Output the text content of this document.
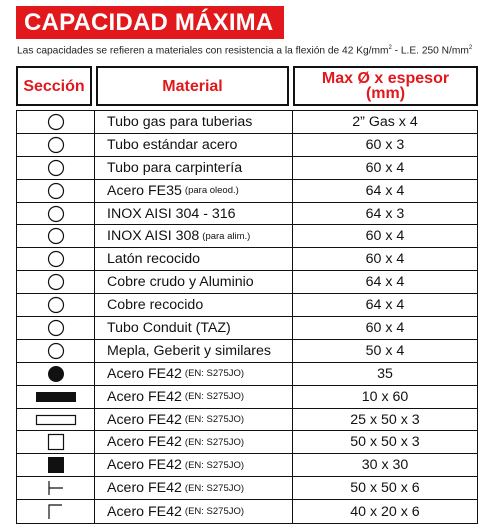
CAPACIDAD MÁXIMA
Las capacidades se refieren a materiales con resistencia a la flexión de 42 $Kg/mm^2 - L.E$. 250 $N/mm^2$
Sección	Material	Max Ø x espesor (mm)
Tubo gas para tuberias	2” Gas x 4
Tubo estándar acero	60 x 3
Tubo para carpintería	60 x 4
Acero FE35 (para oleod.)	64 x 4
INOX AISI 304 - 316	64 x 3
INOX AISI 308 (para alim.)	60 x 4
Latón recocido	60 x 4
Cobre crudo y Aluminio	64 x 4
Cobre recocido	64 x 4
Tubo Conduit (TAZ)	60 x 4
Mepla, Geberit y similares	50 x 4
Acero FE42 (EN: S275JO)	35
Acero FE42 (EN: S275JO)	10 x 60
Acero FE42 (EN: S275JO)	25 x 50 x 3
Acero FE42 (EN: S275JO)	50 x 50 x 3
Acero FE42 (EN: S275JO)	30 x 30
Acero FE42 (EN: S275JO)	50 x 50 x 6
Acero FE42 (EN: S275JO)	40 x 20 x 6
